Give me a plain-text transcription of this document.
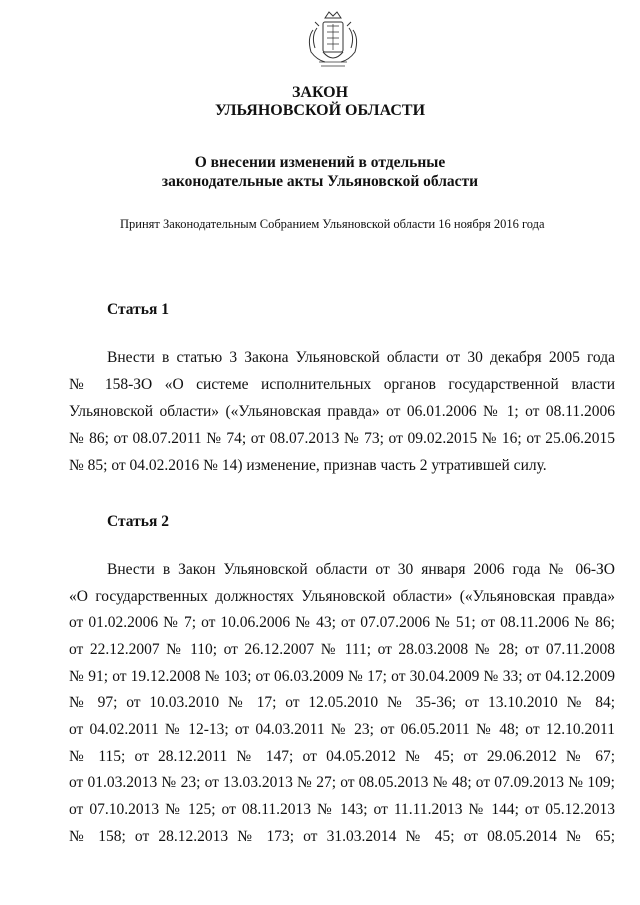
ЗАКОН
УЛЬЯНОВСКОЙ ОБЛАСТИ
О внесении изменений в отдельные
законодательные акты Ульяновской области
Принят Законодательным Собранием Ульяновской области 16 ноября 2016 года
Статья 1
Внести в статью 3 Закона Ульяновской области от 30 декабря 2005 года
№ 158-ЗО «О системе исполнительных органов государственной власти
Ульяновской области» («Ульяновская правда» от 06.01.2006 № 1; от 08.11.2006
№ 86; от 08.07.2011 № 74; от 08.07.2013 № 73; от 09.02.2015 № 16; от 25.06.2015
№ 85; от 04.02.2016 № 14) изменение, признав часть 2 утратившей силу.
Статья 2
Внести в Закон Ульяновской области от 30 января 2006 года № 06-ЗО
«О государственных должностях Ульяновской области» («Ульяновская правда»
от 01.02.2006 № 7; от 10.06.2006 № 43; от 07.07.2006 № 51; от 08.11.2006 № 86;
от 22.12.2007 № 110; от 26.12.2007 № 111; от 28.03.2008 № 28; от 07.11.2008
№ 91; от 19.12.2008 № 103; от 06.03.2009 № 17; от 30.04.2009 № 33; от 04.12.2009
№ 97; от 10.03.2010 № 17; от 12.05.2010 № 35-36; от 13.10.2010 № 84;
от 04.02.2011 № 12-13; от 04.03.2011 № 23; от 06.05.2011 № 48; от 12.10.2011
№ 115; от 28.12.2011 № 147; от 04.05.2012 № 45; от 29.06.2012 № 67;
от 01.03.2013 № 23; от 13.03.2013 № 27; от 08.05.2013 № 48; от 07.09.2013 № 109;
от 07.10.2013 № 125; от 08.11.2013 № 143; от 11.11.2013 № 144; от 05.12.2013
№ 158; от 28.12.2013 № 173; от 31.03.2014 № 45; от 08.05.2014 № 65;
